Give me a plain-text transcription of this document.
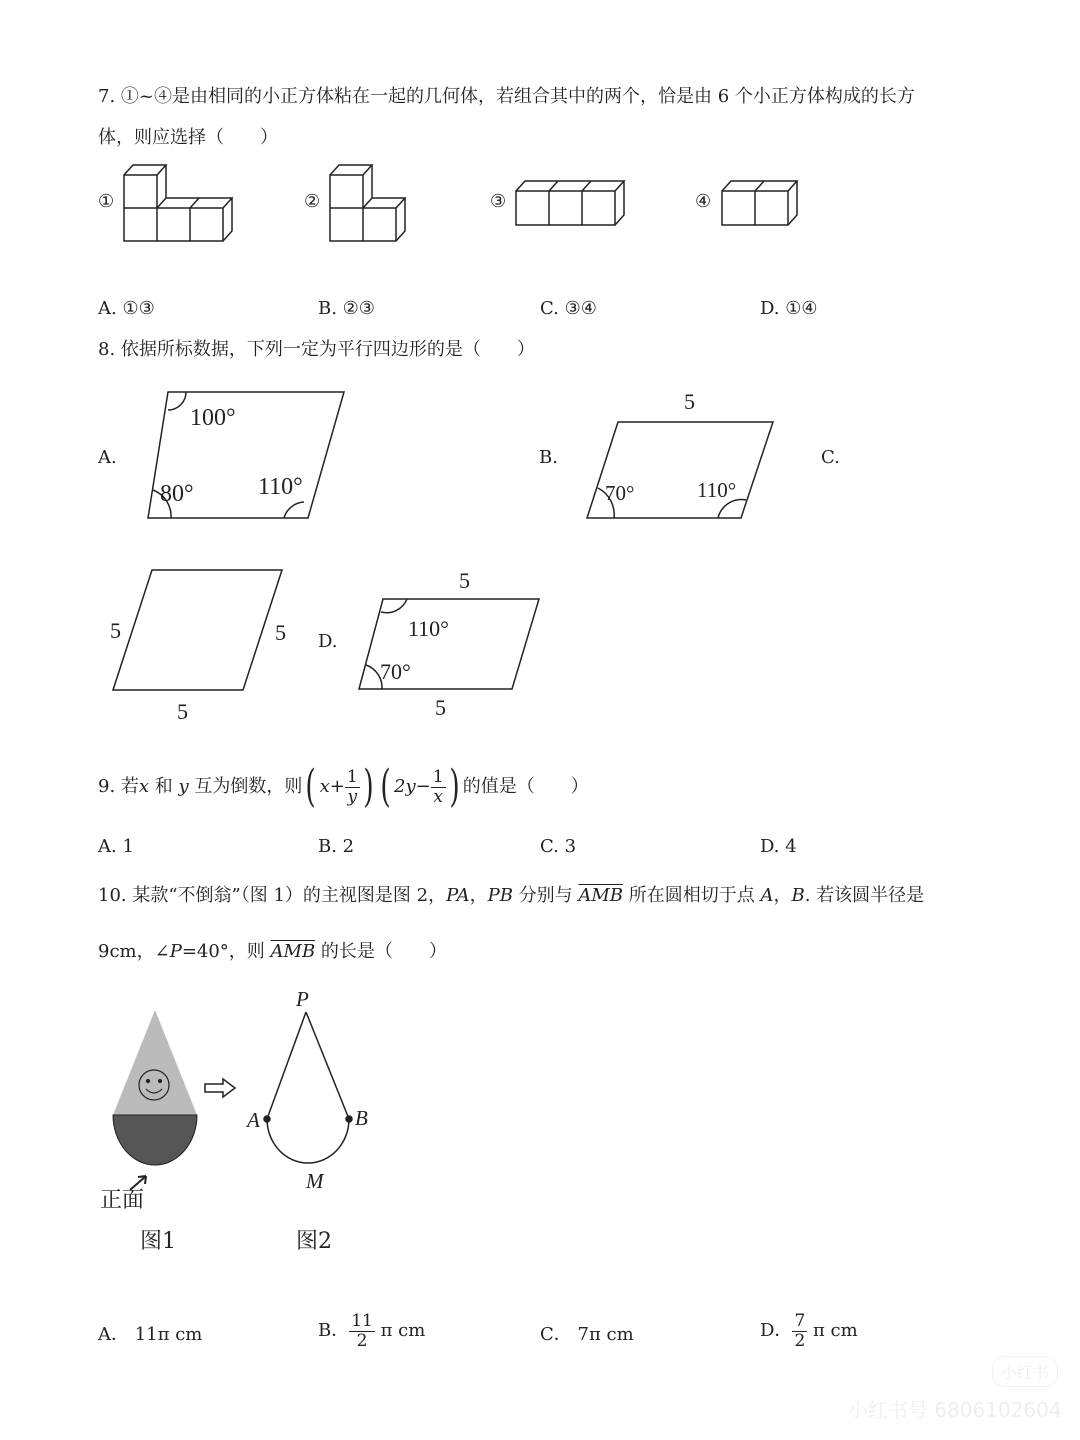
7. ①~④是由相同的小正方体粘在一起的几何体，若组合其中的两个，恰是由 6 个小正方体构成的长方
体，则应选择（　　）
①	②	③	④
A. ①③	B. ②③	C. ③④	D. ①④
8. 依据所标数据，下列一定为平行四边形的是（　　）
A.	B.	C.
D.
9. 若 x 和 y 互为倒数，则 ( $x + \frac{1}{y}$ ) ( $2y - \frac{1}{x}$ ) 的值是（　　）
A. 1	B. 2	C. 3	D. 4
10. 某款“不倒翁”（图 1）的主视图是图 2，PA，PB 分别与 $\overline{AMB}$ 所在圆相切于点 A，B. 若该圆半径是
9cm，∠P=40°，则 $\overline{AMB}$ 的长是（　　）
正面
图1	图2
A． 11π cm	B． $\frac{11}{2}$
π cm	C． 7π cm	D． $\frac{7}{2}$
π cm
100°
80°	110°
5
70°	110°
5	5
5
5
110°
70°
5
P
A	B
M
小红书
小红书号 6806102604
